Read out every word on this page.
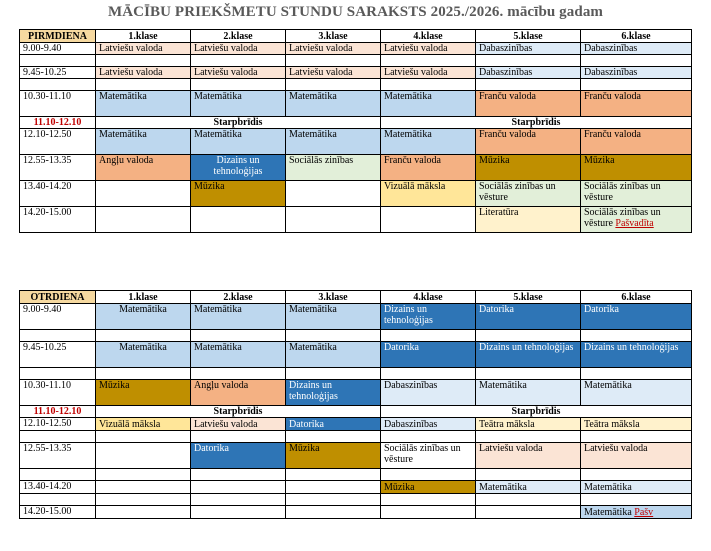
MĀCĪBU PRIEKŠMETU STUNDU SARAKSTS 2025./2026. mācību gadam
PIRMDIENA	1.klase	2.klase	3.klase	4.klase	5.klase	6.klase
9.00-9.40	Latviešu valoda	Latviešu valoda	Latviešu valoda	Latviešu valoda	Dabaszinības	Dabaszinības

9.45-10.25	Latviešu valoda	Latviešu valoda	Latviešu valoda	Latviešu valoda	Dabaszinības	Dabaszinības

10.30-11.10	Matemātika	Matemātika	Matemātika	Matemātika	Franču valoda	Franču valoda
11.10-12.10	Starpbrīdis			Starpbrīdis		
12.10-12.50	Matemātika	Matemātika	Matemātika	Matemātika	Franču valoda	Franču valoda
12.55-13.35	Angļu valoda	Dizains un tehnoloģijas	Sociālās zinības	Franču valoda	Mūzika	Mūzika
13.40-14.20		Mūzika		Vizuālā māksla	Sociālās zinības un vēsture	Sociālās zinības un vēsture
14.20-15.00					Literatūra	Sociālās zinības un vēsture Pašvadīta
OTRDIENA	1.klase	2.klase	3.klase	4.klase	5.klase	6.klase
9.00-9.40	Matemātika	Matemātika	Matemātika	Dizains un tehnoloģijas	Datorika	Datorika

9.45-10.25	Matemātika	Matemātika	Matemātika	Datorika	Dizains un tehnoloģijas	Dizains un tehnoloģijas

10.30-11.10	Mūzika	Angļu valoda	Dizains un tehnoloģijas	Dabaszinības	Matemātika	Matemātika
11.10-12.10	Starpbrīdis			Starpbrīdis		
12.10-12.50	Vizuālā māksla	Latviešu valoda	Datorika	Dabaszinības	Teātra māksla	Teātra māksla

12.55-13.35		Datorika	Mūzika	Sociālās zinības un vēsture	Latviešu valoda	Latviešu valoda

13.40-14.20				Mūzika	Matemātika	Matemātika

14.20-15.00						Matemātika Pašv
